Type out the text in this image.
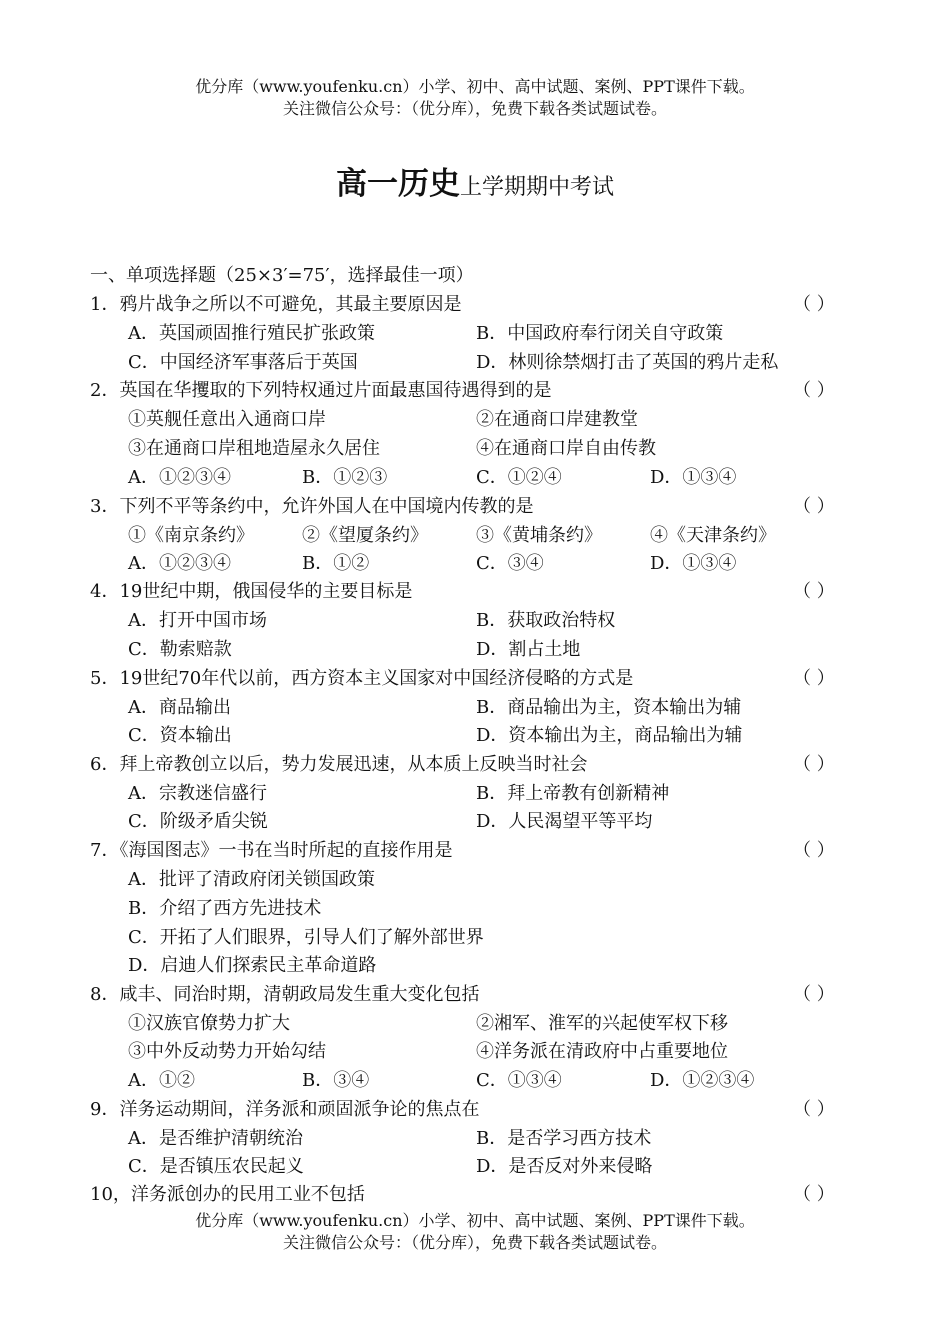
优分库（www.youfenku.cn）小学、初中、高中试题、案例、PPT课件下载。
关注微信公众号：（优分库），免费下载各类试题试卷。
高一历史上学期期中考试
一、单项选择题（25×3′=75′，选择最佳一项）
1．鸦片战争之所以不可避免，其最主要原因是	（ ）
A．英国顽固推行殖民扩张政策	B．中国政府奉行闭关自守政策
C．中国经济军事落后于英国	D．林则徐禁烟打击了英国的鸦片走私
2．英国在华攫取的下列特权通过片面最惠国待遇得到的是	（ ）
①英舰任意出入通商口岸	②在通商口岸建教堂
③在通商口岸租地造屋永久居住	④在通商口岸自由传教
A．①②③④	B．①②③	C．①②④	D．①③④
3．下列不平等条约中，允许外国人在中国境内传教的是	（ ）
①《南京条约》	②《望厦条约》	③《黄埔条约》	④《天津条约》
A．①②③④	B．①②	C．③④	D．①③④
4．19世纪中期，俄国侵华的主要目标是	（ ）
A．打开中国市场	B．获取政治特权
C．勒索赔款	D．割占土地
5．19世纪70年代以前，西方资本主义国家对中国经济侵略的方式是	（ ）
A．商品输出	B．商品输出为主，资本输出为辅
C．资本输出	D．资本输出为主，商品输出为辅
6．拜上帝教创立以后，势力发展迅速，从本质上反映当时社会	（ ）
A．宗教迷信盛行	B．拜上帝教有创新精神
C．阶级矛盾尖锐	D．人民渴望平等平均
7．《海国图志》一书在当时所起的直接作用是	（ ）
A．批评了清政府闭关锁国政策
B．介绍了西方先进技术
C．开拓了人们眼界，引导人们了解外部世界
D．启迪人们探索民主革命道路
8．咸丰、同治时期，清朝政局发生重大变化包括	（ ）
①汉族官僚势力扩大	②湘军、淮军的兴起使军权下移
③中外反动势力开始勾结	④洋务派在清政府中占重要地位
A．①②	B．③④	C．①③④	D．①②③④
9．洋务运动期间，洋务派和顽固派争论的焦点在	（ ）
A．是否维护清朝统治	B．是否学习西方技术
C．是否镇压农民起义	D．是否反对外来侵略
10，洋务派创办的民用工业不包括	（ ）
优分库（www.youfenku.cn）小学、初中、高中试题、案例、PPT课件下载。
关注微信公众号：（优分库），免费下载各类试题试卷。
